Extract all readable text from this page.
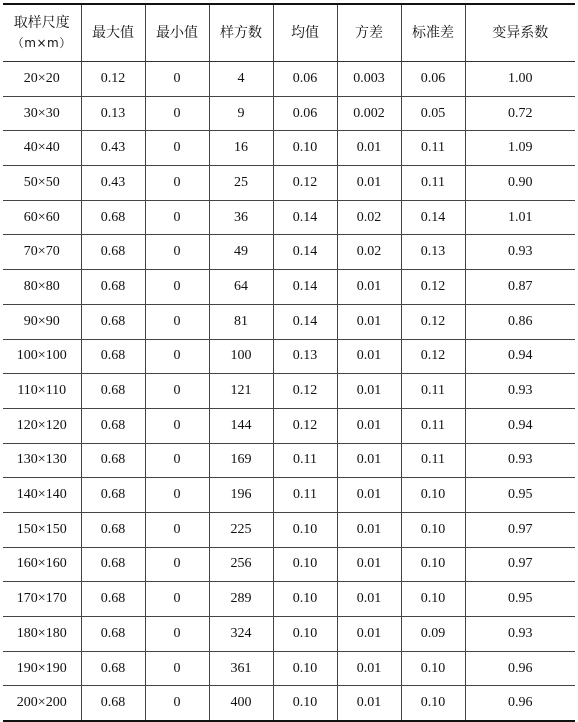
取样尺度
（m×m）	最大值	最小值	样方数	均值	方差	标准差	变异系数
20×20	0.12	0	4	0.06	0.003	0.06	1.00
30×30	0.13	0	9	0.06	0.002	0.05	0.72
40×40	0.43	0	16	0.10	0.01	0.11	1.09
50×50	0.43	0	25	0.12	0.01	0.11	0.90
60×60	0.68	0	36	0.14	0.02	0.14	1.01
70×70	0.68	0	49	0.14	0.02	0.13	0.93
80×80	0.68	0	64	0.14	0.01	0.12	0.87
90×90	0.68	0	81	0.14	0.01	0.12	0.86
100×100	0.68	0	100	0.13	0.01	0.12	0.94
110×110	0.68	0	121	0.12	0.01	0.11	0.93
120×120	0.68	0	144	0.12	0.01	0.11	0.94
130×130	0.68	0	169	0.11	0.01	0.11	0.93
140×140	0.68	0	196	0.11	0.01	0.10	0.95
150×150	0.68	0	225	0.10	0.01	0.10	0.97
160×160	0.68	0	256	0.10	0.01	0.10	0.97
170×170	0.68	0	289	0.10	0.01	0.10	0.95
180×180	0.68	0	324	0.10	0.01	0.09	0.93
190×190	0.68	0	361	0.10	0.01	0.10	0.96
200×200	0.68	0	400	0.10	0.01	0.10	0.96
